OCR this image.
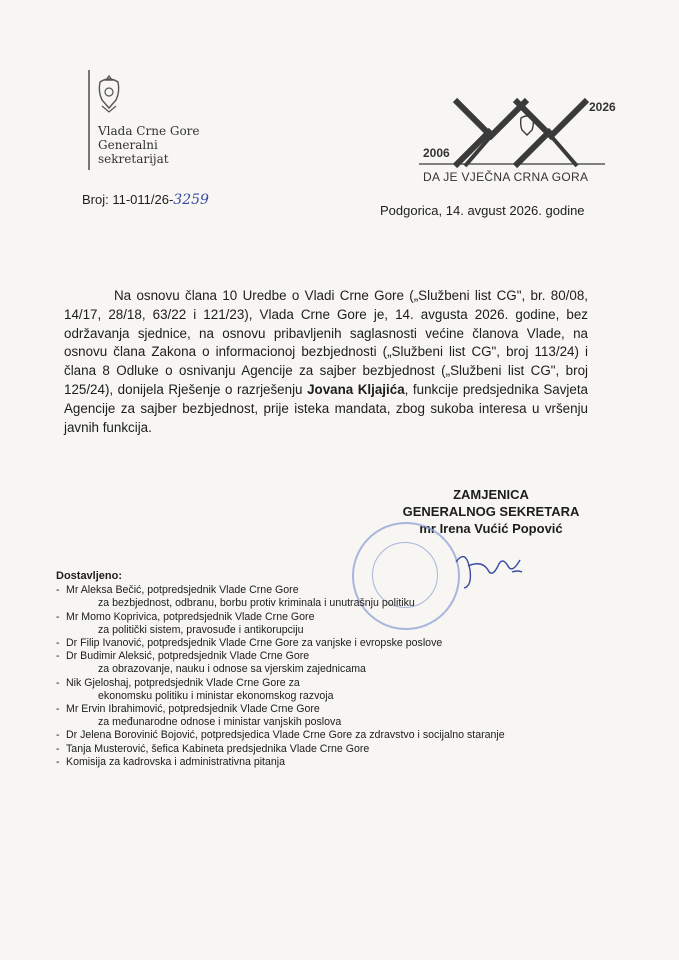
Vlada Crne Gore
Generalni
sekretarijat
Broj: 11-011/26-3259
2006
2026
DA JE VJEČNA CRNA GORA
Podgorica, 14. avgust 2026. godine

Na osnovu člana 10 Uredbe o Vladi Crne Gore („Službeni list CG", br. 80/08, 14/17, 28/18, 63/22 i 121/23), Vlada Crne Gore je, 14. avgusta 2026. godine, bez održavanja sjednice, na osnovu pribavljenih saglasnosti većine članova Vlade, na osnovu člana Zakona o informacionoj bezbjednosti („Službeni list CG", broj 113/24) i člana 8 Odluke o osnivanju Agencije za sajber bezbjednost („Službeni list CG", broj 125/24), donijela Rješenje o razrješenju Jovana Kljajića, funkcije predsjednika Savjeta Agencije za sajber bezbjednost, prije isteka mandata, zbog sukoba interesa u vršenju javnih funkcija.

ZAMJENICA
GENERALNOG SEKRETARA
mr Irena Vućić Popović
Dostavljeno:
- Mr Aleksa Bečić, potpredsjednik Vlade Crne Gore
za bezbjednost, odbranu, borbu protiv kriminala i unutrašnju politiku
- Mr Momo Koprivica, potpredsjednik Vlade Crne Gore
za politički sistem, pravosuđe i antikorupciju
- Dr Filip Ivanović, potpredsjednik Vlade Crne Gore za vanjske i evropske poslove
- Dr Budimir Aleksić, potpredsjednik Vlade Crne Gore
za obrazovanje, nauku i odnose sa vjerskim zajednicama
- Nik Gjeloshaj, potpredsjednik Vlade Crne Gore za
ekonomsku politiku i ministar ekonomskog razvoja
- Mr Ervin Ibrahimović, potpredsjednik Vlade Crne Gore
za međunarodne odnose i ministar vanjskih poslova
- Dr Jelena Borovinić Bojović, potpredsjedica Vlade Crne Gore za zdravstvo i socijalno staranje
- Tanja Musterović, šefica Kabineta predsjednika Vlade Crne Gore
- Komisija za kadrovska i administrativna pitanja
